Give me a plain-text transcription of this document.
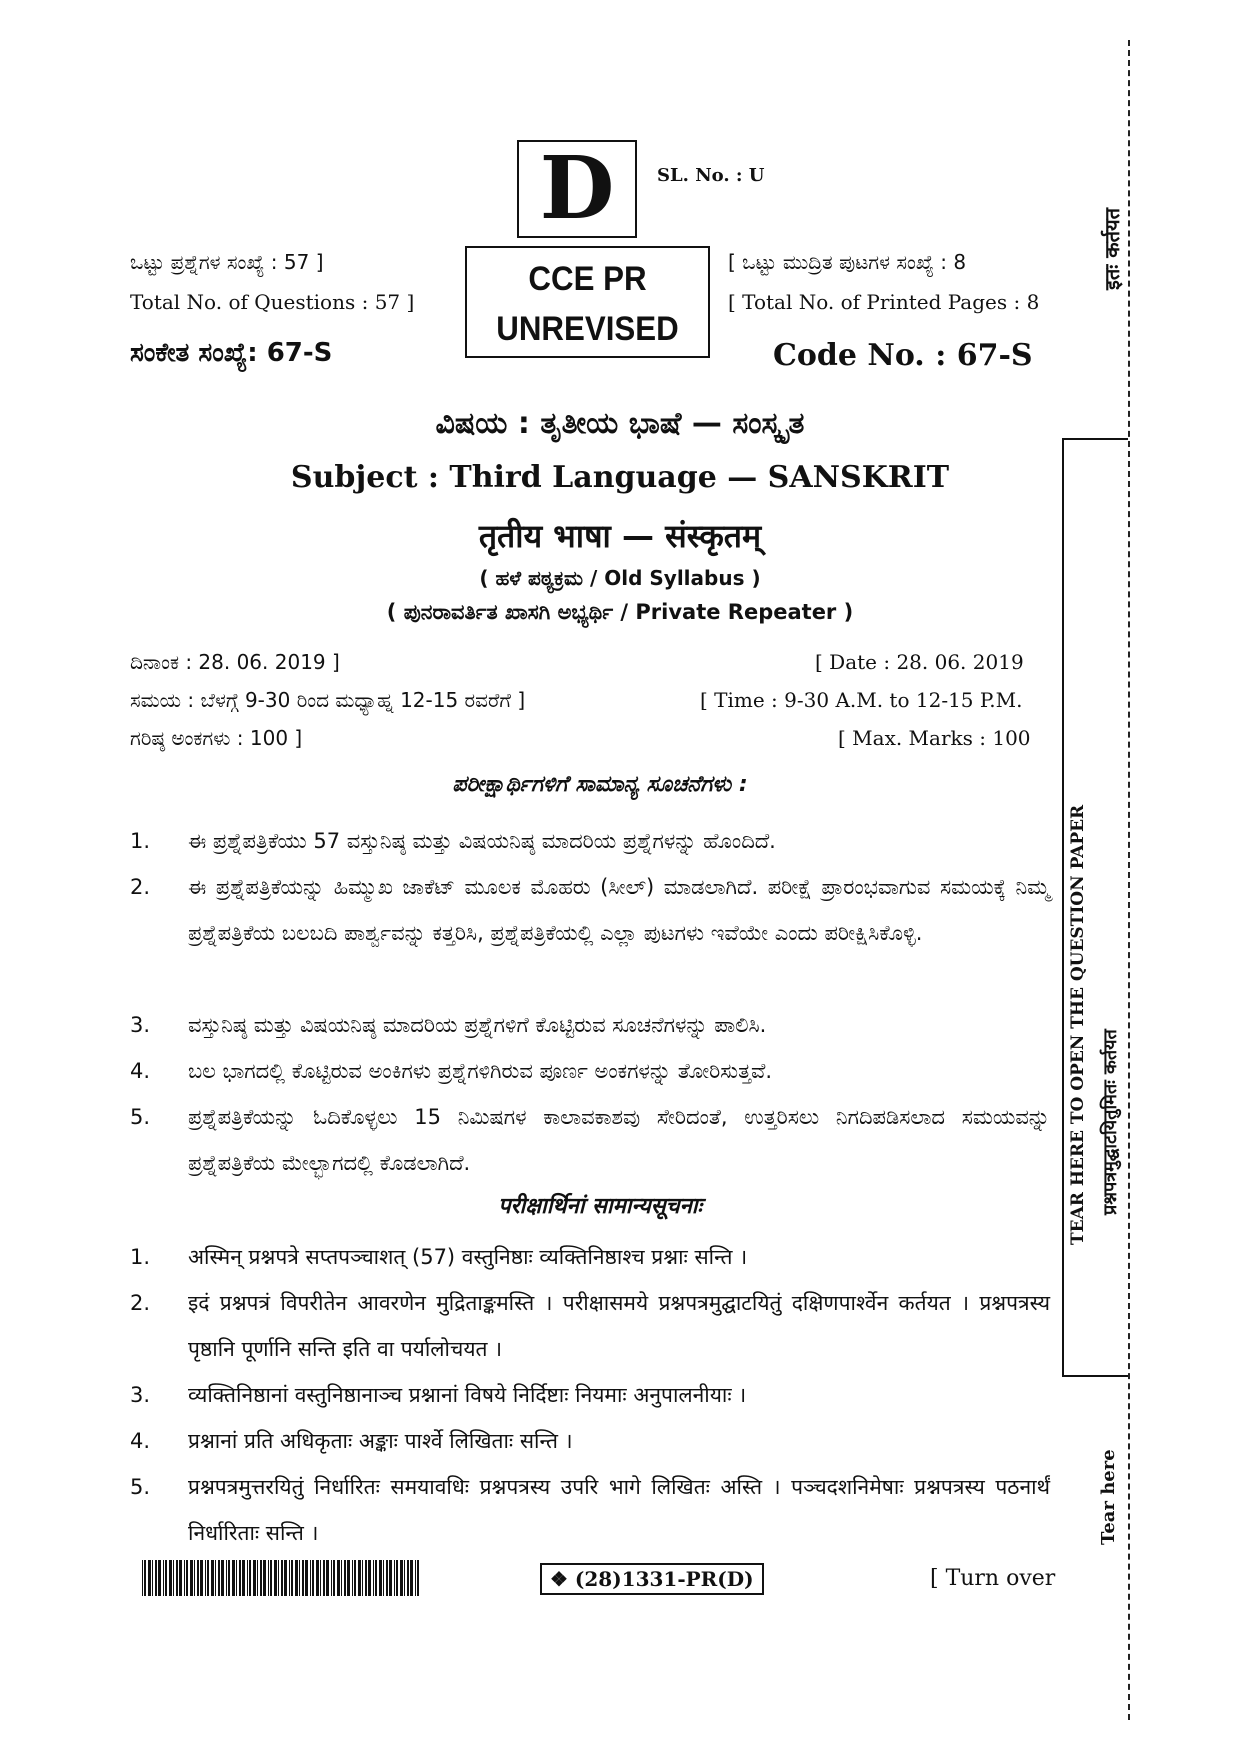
D	SL. No. : U
CCE PR
UNREVISED
ಒಟ್ಟು ಪ್ರಶ್ನೆಗಳ ಸಂಖ್ಯೆ : 57 ]
Total No. of Questions : 57 ]
[ ಒಟ್ಟು ಮುದ್ರಿತ ಪುಟಗಳ ಸಂಖ್ಯೆ : 8
[ Total No. of Printed Pages : 8
ಸಂಕೇತ ಸಂಖ್ಯೆ: 67-S	Code No. : 67-S
ವಿಷಯ : ತೃತೀಯ ಭಾಷೆ — ಸಂಸ್ಕೃತ
Subject : Third Language — SANSKRIT
तृतीय भाषा — संस्कृतम्
( ಹಳೆ ಪಠ್ಯಕ್ರಮ / Old Syllabus )
( ಪುನರಾವರ್ತಿತ ಖಾಸಗಿ ಅಭ್ಯರ್ಥಿ / Private Repeater )
ದಿನಾಂಕ : 28. 06. 2019 ]	[ Date : 28. 06. 2019
ಸಮಯ : ಬೆಳಗ್ಗೆ 9-30 ರಿಂದ ಮಧ್ಯಾಹ್ನ 12-15 ರವರೆಗೆ ]	[ Time : 9-30 A.M. to 12-15 P.M.
ಗರಿಷ್ಠ ಅಂಕಗಳು : 100 ]	[ Max. Marks : 100
ಪರೀಕ್ಷಾರ್ಥಿಗಳಿಗೆ ಸಾಮಾನ್ಯ ಸೂಚನೆಗಳು :
1.	ಈ ಪ್ರಶ್ನೆಪತ್ರಿಕೆಯು 57 ವಸ್ತುನಿಷ್ಠ ಮತ್ತು ವಿಷಯನಿಷ್ಠ ಮಾದರಿಯ ಪ್ರಶ್ನೆಗಳನ್ನು ಹೊಂದಿದೆ.
2.	ಈ ಪ್ರಶ್ನೆಪತ್ರಿಕೆಯನ್ನು ಹಿಮ್ಮುಖ ಜಾಕೆಟ್ ಮೂಲಕ ಮೊಹರು (ಸೀಲ್) ಮಾಡಲಾಗಿದೆ. ಪರೀಕ್ಷೆ ಪ್ರಾರಂಭವಾಗುವ ಸಮಯಕ್ಕೆ ನಿಮ್ಮ ಪ್ರಶ್ನೆಪತ್ರಿಕೆಯ ಬಲಬದಿ ಪಾರ್ಶ್ವವನ್ನು ಕತ್ತರಿಸಿ, ಪ್ರಶ್ನೆಪತ್ರಿಕೆಯಲ್ಲಿ ಎಲ್ಲಾ ಪುಟಗಳು ಇವೆಯೇ ಎಂದು ಪರೀಕ್ಷಿಸಿಕೊಳ್ಳಿ.
3.	ವಸ್ತುನಿಷ್ಠ ಮತ್ತು ವಿಷಯನಿಷ್ಠ ಮಾದರಿಯ ಪ್ರಶ್ನೆಗಳಿಗೆ ಕೊಟ್ಟಿರುವ ಸೂಚನೆಗಳನ್ನು ಪಾಲಿಸಿ.
4.	ಬಲ ಭಾಗದಲ್ಲಿ ಕೊಟ್ಟಿರುವ ಅಂಕಿಗಳು ಪ್ರಶ್ನೆಗಳಿಗಿರುವ ಪೂರ್ಣ ಅಂಕಗಳನ್ನು ತೋರಿಸುತ್ತವೆ.
5.	ಪ್ರಶ್ನೆಪತ್ರಿಕೆಯನ್ನು ಓದಿಕೊಳ್ಳಲು 15 ನಿಮಿಷಗಳ ಕಾಲಾವಕಾಶವು ಸೇರಿದಂತೆ, ಉತ್ತರಿಸಲು ನಿಗದಿಪಡಿಸಲಾದ ಸಮಯವನ್ನು ಪ್ರಶ್ನೆಪತ್ರಿಕೆಯ ಮೇಲ್ಭಾಗದಲ್ಲಿ ಕೊಡಲಾಗಿದೆ.
परीक्षार्थिनां सामान्यसूचनाः
1.	अस्मिन् प्रश्नपत्रे सप्तपञ्चाशत् (57) वस्तुनिष्ठाः व्यक्तिनिष्ठाश्च प्रश्नाः सन्ति ।
2.	इदं प्रश्नपत्रं विपरीतेन आवरणेन मुद्रिताङ्कमस्ति । परीक्षासमये प्रश्नपत्रमुद्घाटयितुं दक्षिणपार्श्वेन कर्तयत । प्रश्नपत्रस्य पृष्ठानि पूर्णानि सन्ति इति वा पर्यालोचयत ।
3.	व्यक्तिनिष्ठानां वस्तुनिष्ठानाञ्च प्रश्नानां विषये निर्दिष्टाः नियमाः अनुपालनीयाः ।
4.	प्रश्नानां प्रति अधिकृताः अङ्काः पार्श्वे लिखिताः सन्ति ।
5.	प्रश्नपत्रमुत्तरयितुं निर्धारितः समयावधिः प्रश्नपत्रस्य उपरि भागे लिखितः अस्ति । पञ्चदशनिमेषाः प्रश्नपत्रस्य पठनार्थं निर्धारिताः सन्ति ।
इतः कर्तयत
TEAR HERE TO OPEN THE QUESTION PAPER प्रश्नपत्रमुद्घाटयितुमितः कर्तयत
Tear here
❖ (28)1331-PR(D)	[ Turn over
